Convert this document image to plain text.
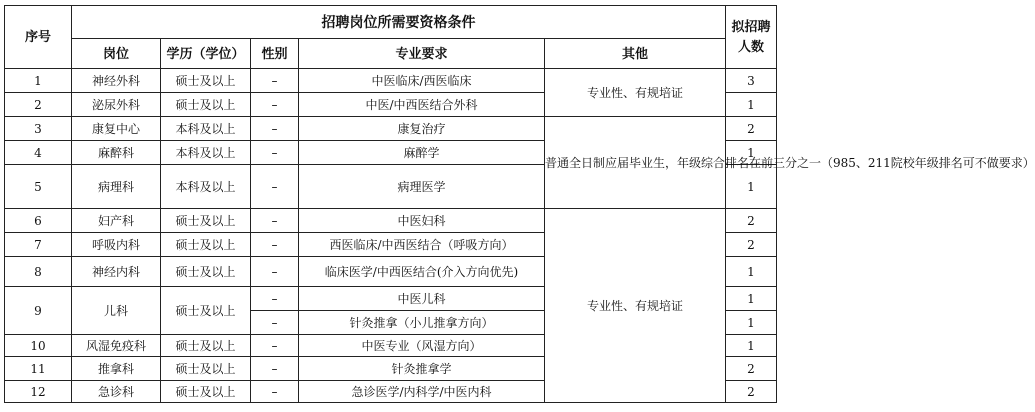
序号	招聘岗位所需要资格条件					拟招聘
人数

	岗位	学历（学位）	性别	专业要求	其他	
1	神经外科	硕士及以上	–	中医临床/西医临床	专业性、有规培证	3
2	泌尿外科	硕士及以上	–	中医/中西医结合外科		1
3	康复中心	本科及以上	–	康复治疗	普通全日制应届毕业生，年级综合排名在前三分之一（985、211院校年级排名可不做要求）	2
4	麻醉科	本科及以上	–	麻醉学		1
5	病理科	本科及以上	–	病理医学		1
6	妇产科	硕士及以上	–	中医妇科	专业性、有规培证	2
7	呼吸内科	硕士及以上	–	西医临床/中西医结合（呼吸方向）		2
8	神经内科	硕士及以上	–	临床医学/中西医结合(介入方向优先)		1
9	儿科	硕士及以上	–	中医儿科		1
			–	针灸推拿（小儿推拿方向）		1
10	风湿免疫科	硕士及以上	–	中医专业（风湿方向）		1
11	推拿科	硕士及以上	–	针灸推拿学		2
12	急诊科	硕士及以上	–	急诊医学/内科学/中医内科		2
